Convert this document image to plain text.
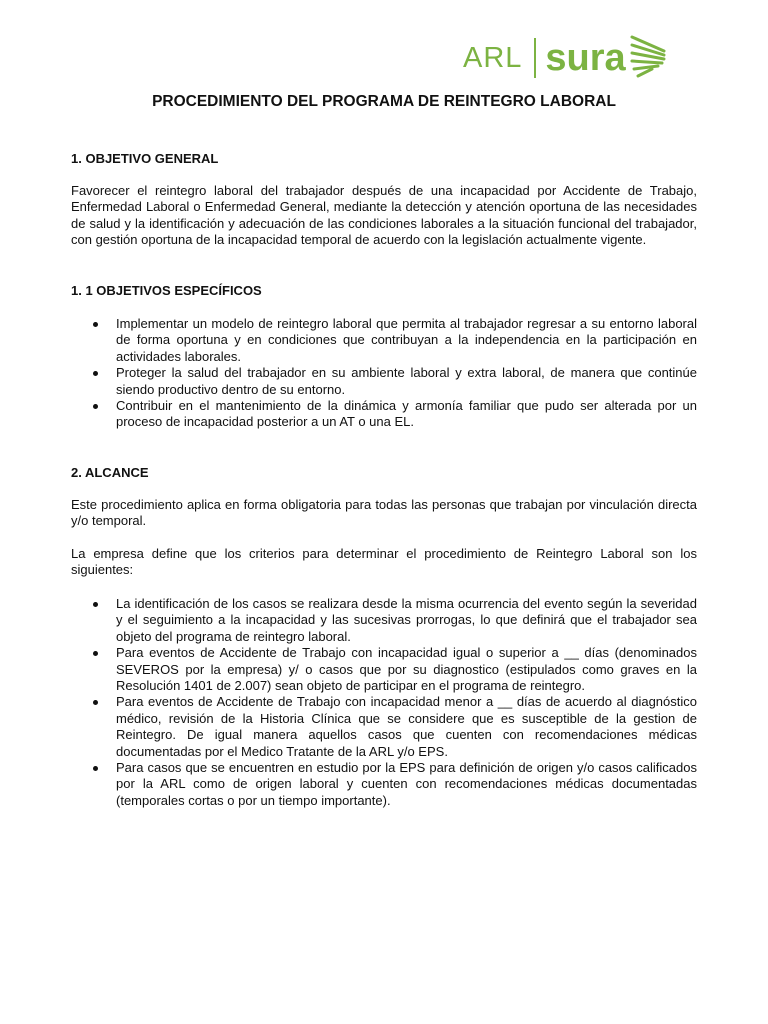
ARL sura
PROCEDIMIENTO DEL PROGRAMA DE REINTEGRO LABORAL
1. OBJETIVO GENERAL

Favorecer el reintegro laboral del trabajador después de una incapacidad por Accidente de Trabajo, Enfermedad Laboral o Enfermedad General, mediante la detección y atención oportuna de las necesidades de salud y la identificación y adecuación de las condiciones laborales a la situación funcional del trabajador, con gestión oportuna de la incapacidad temporal de acuerdo con la legislación actualmente vigente.

1. 1 OBJETIVOS ESPECÍFICOS

Implementar un modelo de reintegro laboral que permita al trabajador regresar a su entorno laboral de forma oportuna y en condiciones que contribuyan a la independencia en la participación en actividades laborales.

Proteger la salud del trabajador en su ambiente laboral y extra laboral, de manera que continúe siendo productivo dentro de su entorno.

Contribuir en el mantenimiento de la dinámica y armonía familiar que pudo ser alterada por un proceso de incapacidad posterior a un AT o una EL.

2. ALCANCE

Este procedimiento aplica en forma obligatoria para todas las personas que trabajan por vinculación directa y/o temporal.

La empresa define que los criterios para determinar el procedimiento de Reintegro Laboral son los siguientes:

La identificación de los casos se realizara desde la misma ocurrencia del evento según la severidad y el seguimiento a la incapacidad y las sucesivas prorrogas, lo que definirá que el trabajador sea objeto del programa de reintegro laboral.

Para eventos de Accidente de Trabajo con incapacidad igual o superior a __ días (denominados SEVEROS por la empresa) y/ o casos que por su diagnostico (estipulados como graves en la Resolución 1401 de 2.007) sean objeto de participar en el programa de reintegro.

Para eventos de Accidente de Trabajo con incapacidad menor a __ días de acuerdo al diagnóstico médico, revisión de la Historia Clínica que se considere que es susceptible de la gestion de Reintegro. De igual manera aquellos casos que cuenten con recomendaciones médicas documentadas por el Medico Tratante de la ARL y/o EPS.

Para casos que se encuentren en estudio por la EPS para definición de origen y/o casos calificados por la ARL como de origen laboral y cuenten con recomendaciones médicas documentadas (temporales cortas o por un tiempo importante).
